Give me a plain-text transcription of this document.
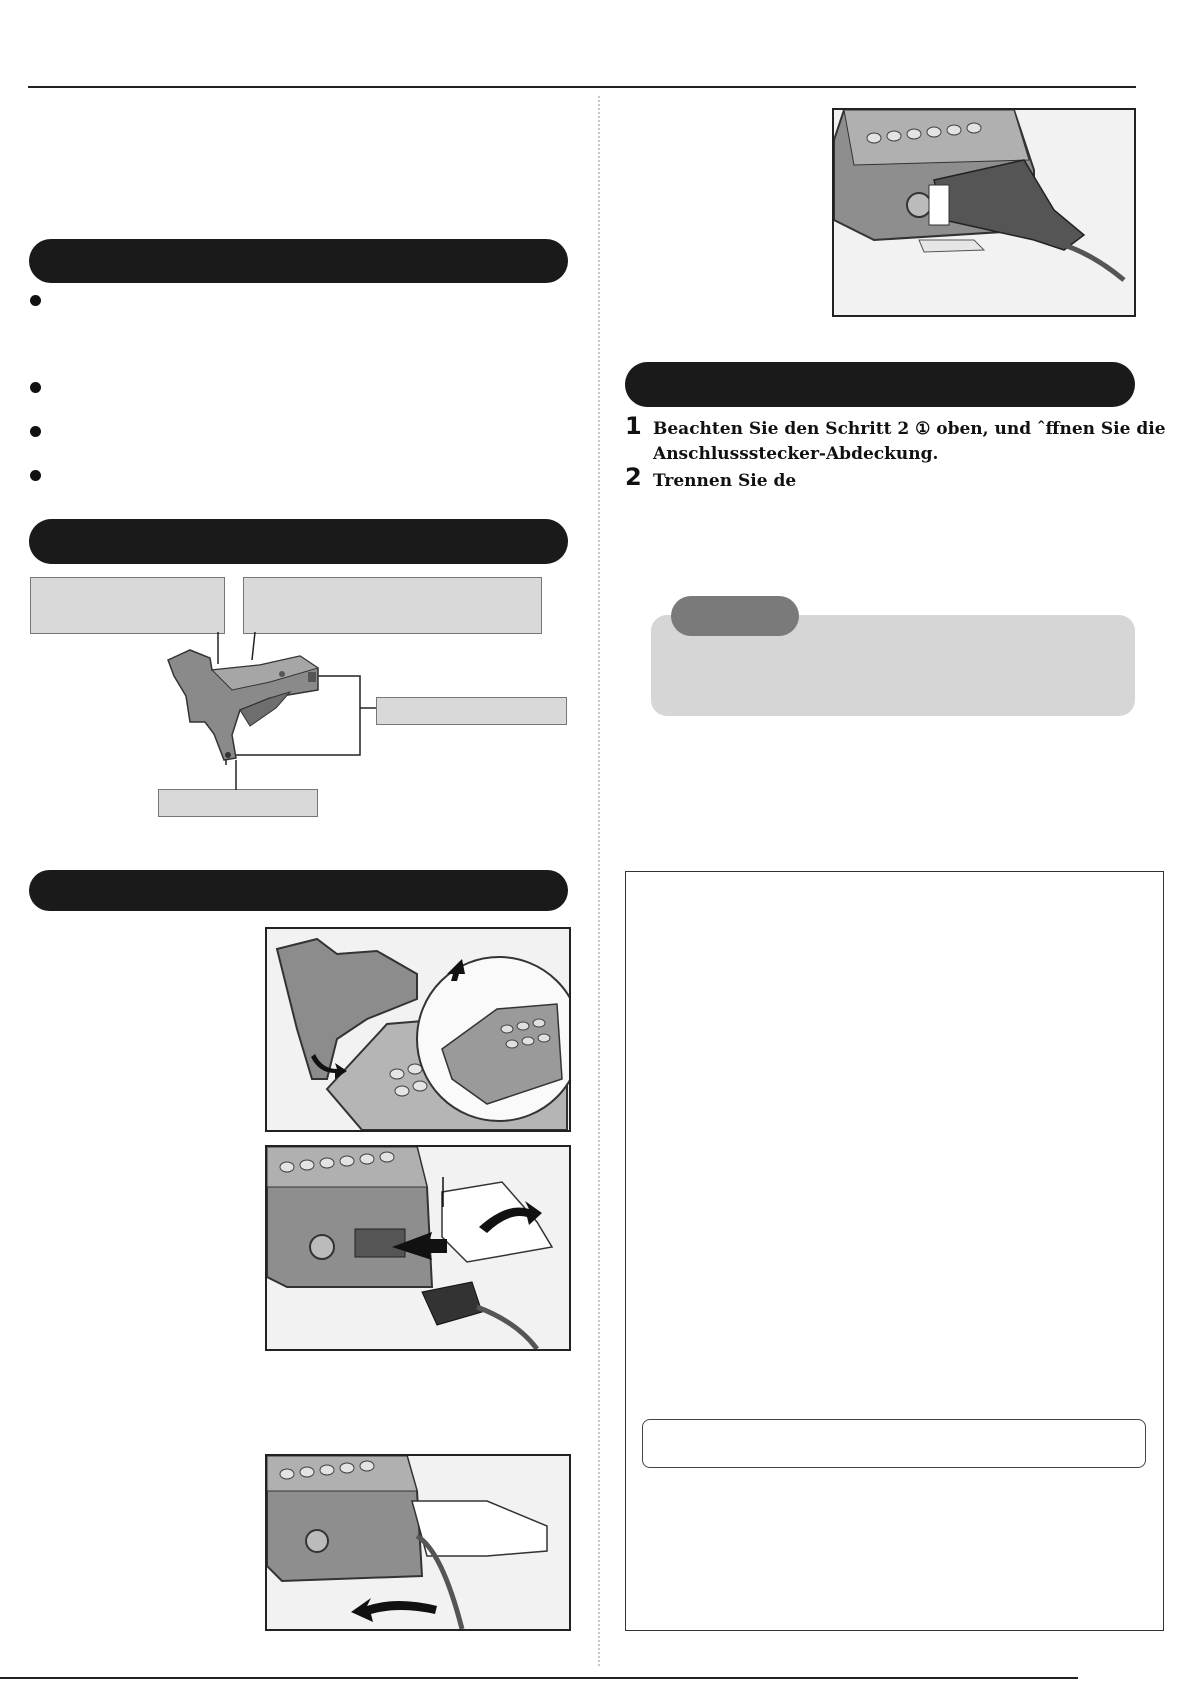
1 Beachten Sie den Schritt 2 ① oben, und ˆffnen Sie die
Anschlussstecker-Abdeckung.
2 Trennen Sie de
